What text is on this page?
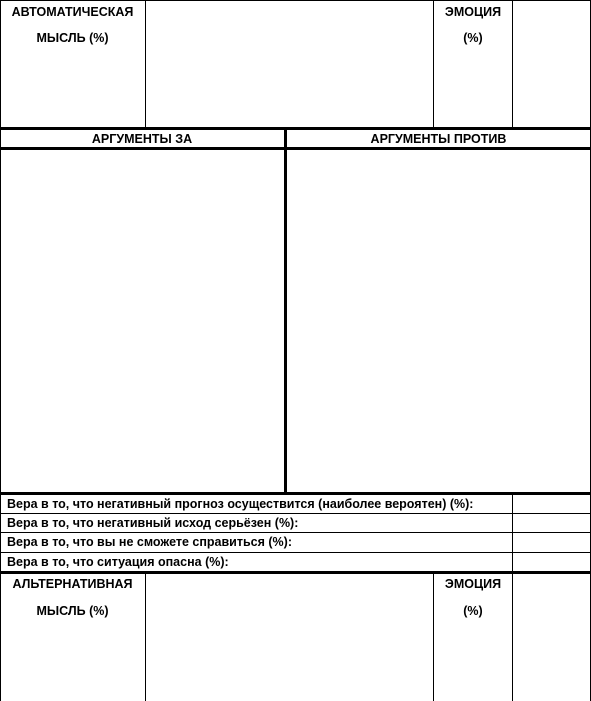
АВТОМАТИЧЕСКАЯ
МЫСЛЬ (%)
ЭМОЦИЯ
(%)
АРГУМЕНТЫ ЗА	АРГУМЕНТЫ ПРОТИВ
Вера в то, что негативный прогноз осуществится (наиболее вероятен) (%):
Вера в то, что негативный исход серьёзен (%):
Вера в то, что вы не сможете справиться (%):
Вера в то, что ситуация опасна (%):
АЛЬТЕРНАТИВНАЯ
МЫСЛЬ (%)
ЭМОЦИЯ
(%)
